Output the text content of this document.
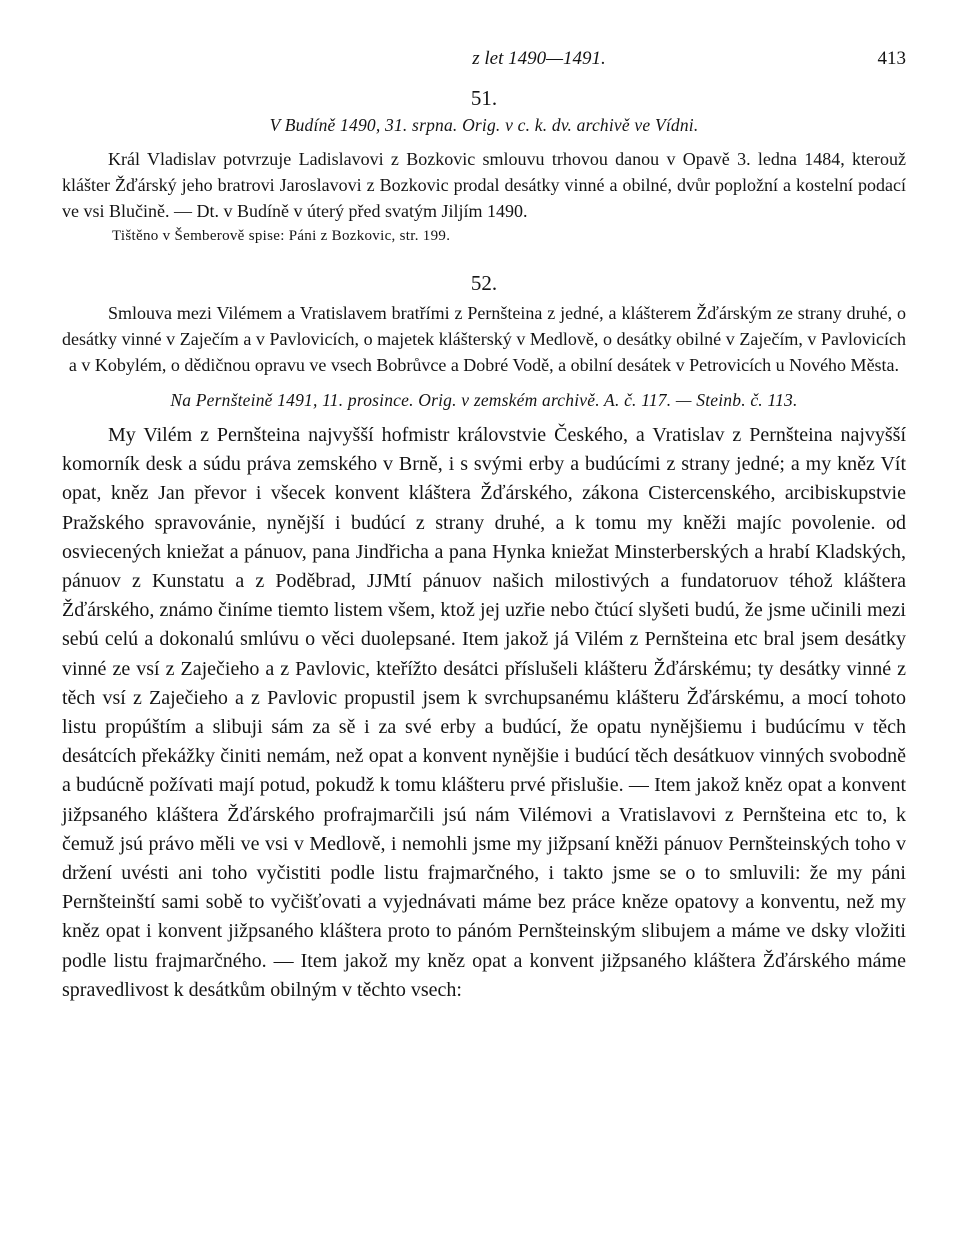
z let 1490—1491.	413
51.
V Budíně 1490, 31. srpna. Orig. v c. k. dv. archivě ve Vídni.

Král Vladislav potvrzuje Ladislavovi z Bozkovic smlouvu trhovou danou v Opavě 3. ledna 1484, kterouž klášter Žďárský jeho bratrovi Jaroslavovi z Bozkovic prodal desátky vinné a obilné, dvůr popložní a kostelní podací ve vsi Blučině. — Dt. v Budíně v úterý před svatým Jiljím 1490.

Tištěno v Šemberově spise: Páni z Bozkovic, str. 199.
52.

Smlouva mezi Vilémem a Vratislavem bratřími z Pernšteina z jedné, a klášterem Žďárským ze strany druhé, o desátky vinné v Zaječím a v Pavlovicích, o majetek klášterský v Medlově, o desátky obilné v Zaječím, v Pavlovicích a v Kobylém, o dědičnou opravu ve vsech Bobrůvce a Dobré Vodě, a obilní desátek v Petrovicích u Nového Města.

Na Pernšteině 1491, 11. prosince. Orig. v zemském archivě. A. č. 117. — Steinb. č. 113.

My Vilém z Pernšteina najvyšší hofmistr královstvie Českého, a Vratislav z Pernšteina najvyšší komorník desk a súdu práva zemského v Brně, i s svými erby a budúcími z strany jedné; a my kněz Vít opat, kněz Jan převor i všecek konvent kláštera Žďárského, zákona Cistercenského, arcibiskupstvie Pražského spravovánie, nynější i budúcí z strany druhé, a k tomu my kněži majíc povolenie. od osviecených kniežat a pánuov, pana Jindřicha a pana Hynka kniežat Minsterberských a hrabí Kladských, pánuov z Kunstatu a z Poděbrad, JJMtí pánuov našich milostivých a fundatoruov téhož kláštera Žďárského, známo činíme tiemto listem všem, ktož jej uzřie nebo čtúcí slyšeti budú, že jsme učinili mezi sebú celú a dokonalú smlúvu o věci duolepsané. Item jakož já Vilém z Pernšteina etc bral jsem desátky vinné ze vsí z Zaječieho a z Pavlovic, kteřížto desátci příslušeli klášteru Žďárskému; ty desátky vinné z těch vsí z Zaječieho a z Pavlovic propustil jsem k svrchupsanému klášteru Žďárskému, a mocí tohoto listu propúštím a slibuji sám za sě i za své erby a budúcí, že opatu nynějšiemu i budúcímu v těch desátcích překážky činiti nemám, než opat a konvent nynějšie i budúcí těch desátkuov vinných svobodně a budúcně požívati mají potud, pokudž k tomu klášteru prvé přislušie. — Item jakož kněz opat a konvent jižpsaného kláštera Žďárského profrajmarčili jsú nám Vilémovi a Vratislavovi z Pernšteina etc to, k čemuž jsú právo měli ve vsi v Medlově, i nemohli jsme my jižpsaní kněži pánuov Pernšteinských toho v držení uvésti ani toho vyčistiti podle listu frajmarčného, i takto jsme se o to smluvili: že my páni Pernšteinští sami sobě to vyčišťovati a vyjednávati máme bez práce kněze opatovy a konventu, než my kněz opat i konvent jižpsaného kláštera proto to pánóm Pernšteinským slibujem a máme ve dsky vložiti podle listu frajmarčného. — Item jakož my kněz opat a konvent jižpsaného kláštera Žďárského máme spravedlivost k desátkům obilným v těchto vsech:
